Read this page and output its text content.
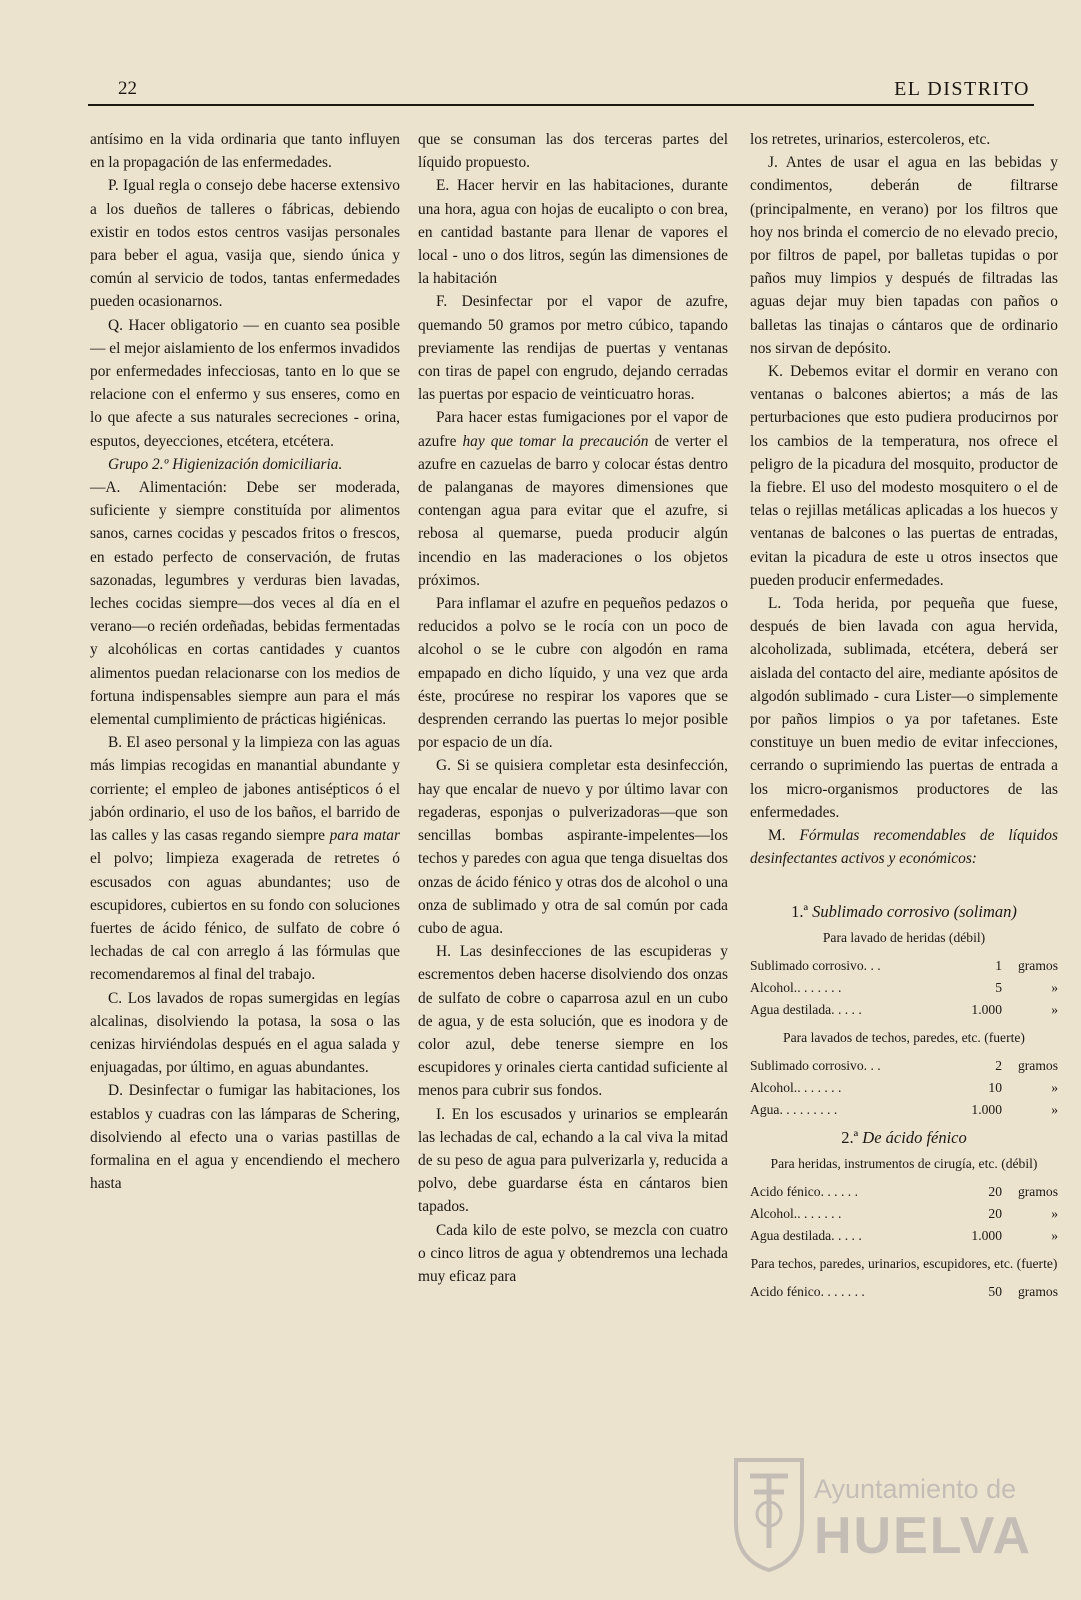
22	EL DISTRITO

antísimo en la vida ordinaria que tanto influyen en la propagación de las enfermedades.

P. Igual regla o consejo debe hacerse extensivo a los dueños de talleres o fábricas, debiendo existir en todos estos centros vasijas personales para beber el agua, vasija que, siendo única y común al servicio de todos, tantas enfermedades pueden ocasionarnos.

Q. Hacer obligatorio — en cuanto sea posible — el mejor aislamiento de los enfermos invadidos por enfermedades infecciosas, tanto en lo que se relacione con el enfermo y sus enseres, como en lo que afecte a sus naturales secreciones - orina, esputos, deyecciones, etcétera, etcétera.

Grupo 2.º Higienización domiciliaria.

—A. Alimentación: Debe ser moderada, suficiente y siempre constituída por alimentos sanos, carnes cocidas y pescados fritos o frescos, en estado perfecto de conservación, de frutas sazonadas, legumbres y verduras bien lavadas, leches cocidas siempre—dos veces al día en el verano—o recién ordeñadas, bebidas fermentadas y alcohólicas en cortas cantidades y cuantos alimentos puedan relacionarse con los medios de fortuna indispensables siempre aun para el más elemental cumplimiento de prácticas higiénicas.

B. El aseo personal y la limpieza con las aguas más limpias recogidas en manantial abundante y corriente; el empleo de jabones antisépticos ó el jabón ordinario, el uso de los baños, el barrido de las calles y las casas regando siempre para matar el polvo; limpieza exagerada de retretes ó escusados con aguas abundantes; uso de escupidores, cubiertos en su fondo con soluciones fuertes de ácido fénico, de sulfato de cobre ó lechadas de cal con arreglo á las fórmulas que recomendaremos al final del trabajo.

C. Los lavados de ropas sumergidas en legías alcalinas, disolviendo la potasa, la sosa o las cenizas hirviéndolas después en el agua salada y enjuagadas, por último, en aguas abundantes.

D. Desinfectar o fumigar las habitaciones, los establos y cuadras con las lámparas de Schering, disolviendo al efecto una o varias pastillas de formalina en el agua y encendiendo el mechero hasta

que se consuman las dos terceras partes del líquido propuesto.

E. Hacer hervir en las habitaciones, durante una hora, agua con hojas de eucalipto o con brea, en cantidad bastante para llenar de vapores el local - uno o dos litros, según las dimensiones de la habitación

F. Desinfectar por el vapor de azufre, quemando 50 gramos por metro cúbico, tapando previamente las rendijas de puertas y ventanas con tiras de papel con engrudo, dejando cerradas las puertas por espacio de veinticuatro horas.

Para hacer estas fumigaciones por el vapor de azufre hay que tomar la precaución de verter el azufre en cazuelas de barro y colocar éstas dentro de palanganas de mayores dimensiones que contengan agua para evitar que el azufre, si rebosa al quemarse, pueda producir algún incendio en las maderaciones o los objetos próximos.

Para inflamar el azufre en pequeños pedazos o reducidos a polvo se le rocía con un poco de alcohol o se le cubre con algodón en rama empapado en dicho líquido, y una vez que arda éste, procúrese no respirar los vapores que se desprenden cerrando las puertas lo mejor posible por espacio de un día.

G. Si se quisiera completar esta desinfección, hay que encalar de nuevo y por último lavar con regaderas, esponjas o pulverizadoras—que son sencillas bombas aspirante-impelentes—los techos y paredes con agua que tenga disueltas dos onzas de ácido fénico y otras dos de alcohol o una onza de sublimado y otra de sal común por cada cubo de agua.

H. Las desinfecciones de las escupideras y escrementos deben hacerse disolviendo dos onzas de sulfato de cobre o caparrosa azul en un cubo de agua, y de esta solución, que es inodora y de color azul, debe tenerse siempre en los escupidores y orinales cierta cantidad suficiente al menos para cubrir sus fondos.

I. En los escusados y urinarios se emplearán las lechadas de cal, echando a la cal viva la mitad de su peso de agua para pulverizarla y, reducida a polvo, debe guardarse ésta en cántaros bien tapados.

Cada kilo de este polvo, se mezcla con cuatro o cinco litros de agua y obtendremos una lechada muy eficaz para

los retretes, urinarios, estercoleros, etc.

J. Antes de usar el agua en las bebidas y condimentos, deberán de filtrarse (principalmente, en verano) por los filtros que hoy nos brinda el comercio de no elevado precio, por filtros de papel, por balletas tupidas o por paños muy limpios y después de filtradas las aguas dejar muy bien tapadas con paños o balletas las tinajas o cántaros que de ordinario nos sirvan de depósito.

K. Debemos evitar el dormir en verano con ventanas o balcones abiertos; a más de las perturbaciones que esto pudiera producirnos por los cambios de la temperatura, nos ofrece el peligro de la picadura del mosquito, productor de la fiebre. El uso del modesto mosquitero o el de telas o rejillas metálicas aplicadas a los huecos y ventanas de balcones o las puertas de entradas, evitan la picadura de este u otros insectos que pueden producir enfermedades.

L. Toda herida, por pequeña que fuese, después de bien lavada con agua hervida, alcoholizada, sublimada, etcétera, deberá ser aislada del contacto del aire, mediante apósitos de algodón sublimado - cura Lister—o simplemente por paños limpios o ya por tafetanes. Este constituye un buen medio de evitar infecciones, cerrando o suprimiendo las puertas de entrada a los micro-organismos productores de las enfermedades.

M. Fórmulas recomendables de líquidos desinfectantes activos y económicos:

1.ª Sublimado corrosivo (soliman)
Para lavado de heridas (débil)
Sublimado corrosivo. . .	1	gramos
Alcohol.. . . . . . .	5	»
Agua destilada. . . . .	1.000	»
Para lavados de techos, paredes, etc. (fuerte)
Sublimado corrosivo. . .	2	gramos
Alcohol.. . . . . . .	10	»
Agua. . . . . . . . .	1.000	»
2.ª De ácido fénico
Para heridas, instrumentos de cirugía, etc. (débil)
Acido fénico. . . . . .	20	gramos
Alcohol.. . . . . . .	20	»
Agua destilada. . . . .	1.000	»
Para techos, paredes, urinarios, escupidores, etc. (fuerte)
Acido fénico. . . . . . .	50	gramos
Ayuntamiento de
HUELVA
